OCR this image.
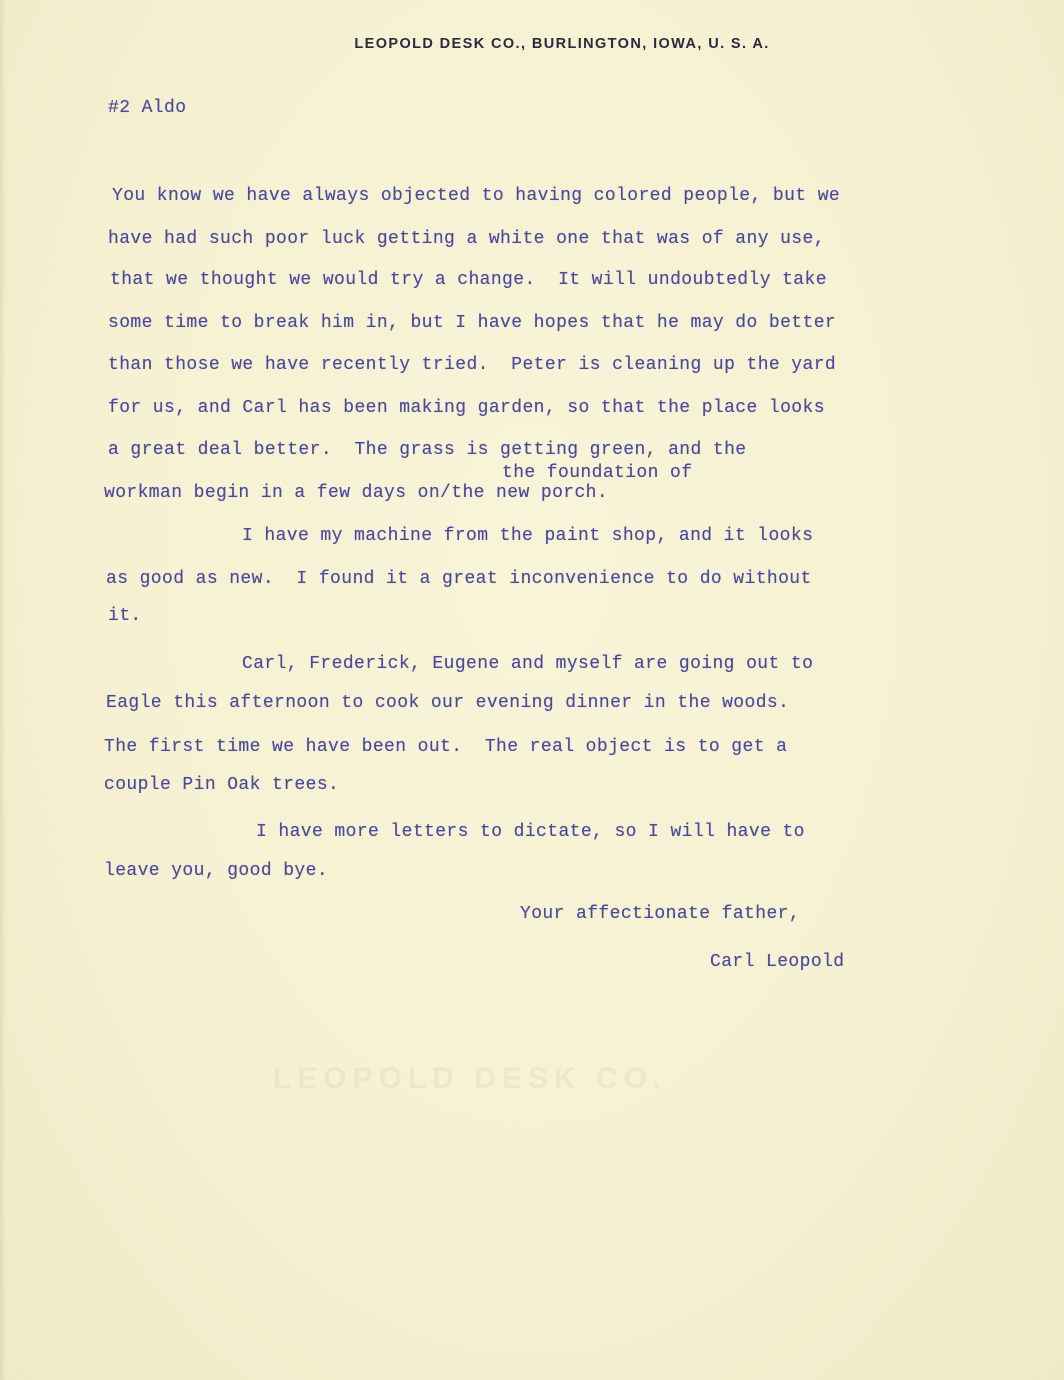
LEOPOLD DESK CO., BURLINGTON, IOWA, U. S. A.
#2 Aldo
You know we have always objected to having colored people, but we
have had such poor luck getting a white one that was of any use,
that we thought we would try a change.  It will undoubtedly take
some time to break him in, but I have hopes that he may do better
than those we have recently tried.  Peter is cleaning up the yard
for us, and Carl has been making garden, so that the place looks
a great deal better.  The grass is getting green, and the
the foundation of
workman begin in a few days on/the new porch.
I have my machine from the paint shop, and it looks
as good as new.  I found it a great inconvenience to do without
it.
Carl, Frederick, Eugene and myself are going out to
Eagle this afternoon to cook our evening dinner in the woods.
The first time we have been out.  The real object is to get a
couple Pin Oak trees.
I have more letters to dictate, so I will have to
leave you, good bye.
Your affectionate father,
Carl Leopold
LEOPOLD DESK CO.
